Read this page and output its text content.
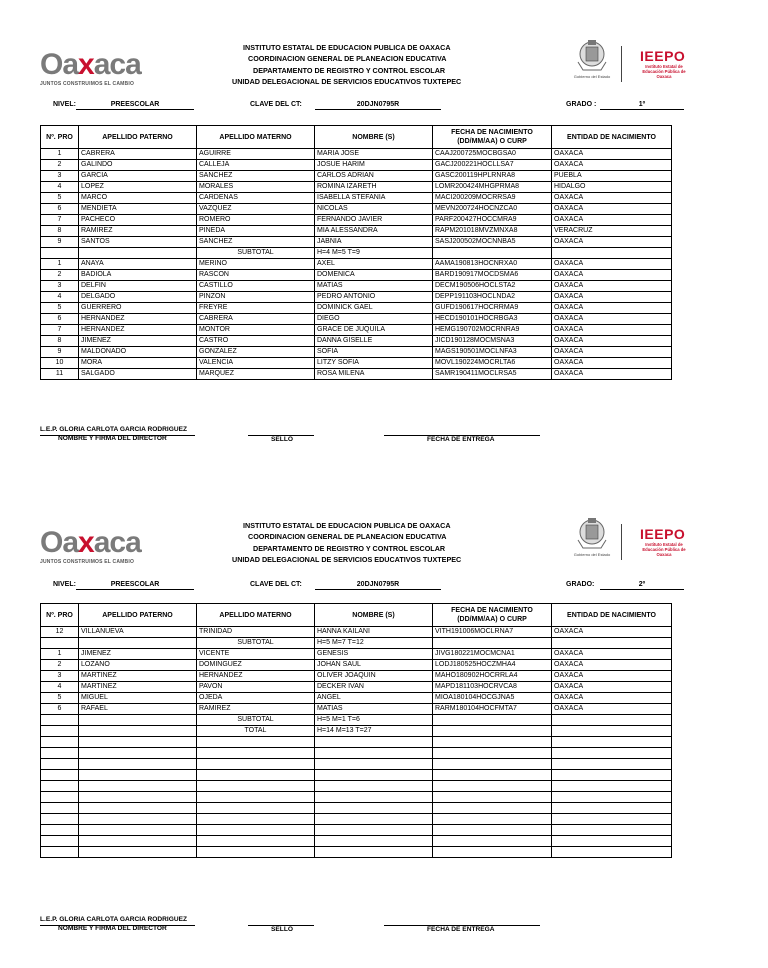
Oaxaca
JUNTOS CONSTRUIMOS EL CAMBIO
INSTITUTO ESTATAL DE EDUCACION PUBLICA DE OAXACA
COORDINACION GENERAL DE PLANEACION EDUCATIVA
DEPARTAMENTO DE REGISTRO Y CONTROL ESCOLAR
UNIDAD DELEGACIONAL DE SERVICIOS EDUCATIVOS TUXTEPEC
Gobierno del Estado
IEEPO
Instituto Estatal de Educación Pública de Oaxaca
NIVEL:	PREESCOLAR	CLAVE DEL CT:	20DJN0795R	GRADO :	1º
Nº. PRO	APELLIDO PATERNO	APELLIDO MATERNO	NOMBRE (S)	FECHA DE NACIMIENTO (DD/MM/AA) O CURP	ENTIDAD DE NACIMIENTO
1	CABRERA	AGUIRRE	MARIA JOSE	CAAJ200725MOCBGSA0	OAXACA
2	GALINDO	CALLEJA	JOSUE HARIM	GACJ200221HOCLLSA7	OAXACA
3	GARCIA	SANCHEZ	CARLOS ADRIAN	GASC200119HPLRNRA8	PUEBLA
4	LOPEZ	MORALES	ROMINA IZARETH	LOMR200424MHGPRMA8	HIDALGO
5	MARCO	CARDENAS	ISABELLA STEFANIA	MACI200209MOCRRSA9	OAXACA
6	MENDIETA	VAZQUEZ	NICOLAS	MEVN200724HOCNZCA0	OAXACA
7	PACHECO	ROMERO	FERNANDO JAVIER	PARF200427HOCCMRA9	OAXACA
8	RAMIREZ	PINEDA	MIA ALESSANDRA	RAPM201018MVZMNXA8	VERACRUZ
9	SANTOS	SANCHEZ	JABNIA	SASJ200502MOCNNBA5	OAXACA
		SUBTOTAL	H=4 M=5 T=9		
1	ANAYA	MERINO	AXEL	AAMA190813HOCNRXA0	OAXACA
2	BADIOLA	RASCON	DOMENICA	BARD190917MOCDSMA6	OAXACA
3	DELFIN	CASTILLO	MATIAS	DECM190506HOCLSTA2	OAXACA
4	DELGADO	PINZON	PEDRO ANTONIO	DEPP191103HOCLNDA2	OAXACA
5	GUERRERO	FREYRE	DOMINICK GAEL	GUFD190617HOCRRMA9	OAXACA
6	HERNANDEZ	CABRERA	DIEGO	HECD190101HOCRBGA3	OAXACA
7	HERNANDEZ	MONTOR	GRACE DE JUQUILA	HEMG190702MOCRNRA9	OAXACA
8	JIMENEZ	CASTRO	DANNA GISELLE	JICD190128MOCMSNA3	OAXACA
9	MALDONADO	GONZALEZ	SOFIA	MAGS190501MOCLNFA3	OAXACA
10	MORA	VALENCIA	LITZY SOFIA	MOVL190224MOCRLTA6	OAXACA
11	SALGADO	MARQUEZ	ROSA MILENA	SAMR190411MOCLRSA5	OAXACA
L.E.P. GLORIA CARLOTA GARCIA RODRIGUEZ
NOMBRE Y FIRMA DEL DIRECTOR	SELLO	FECHA DE ENTREGA
Oaxaca
JUNTOS CONSTRUIMOS EL CAMBIO
INSTITUTO ESTATAL DE EDUCACION PUBLICA DE OAXACA
COORDINACION GENERAL DE PLANEACION EDUCATIVA
DEPARTAMENTO DE REGISTRO Y CONTROL ESCOLAR
UNIDAD DELEGACIONAL DE SERVICIOS EDUCATIVOS TUXTEPEC
Gobierno del Estado
IEEPO
Instituto Estatal de Educación Pública de Oaxaca
NIVEL:	PREESCOLAR	CLAVE DEL CT:	20DJN0795R	GRADO:	2º
Nº. PRO	APELLIDO PATERNO	APELLIDO MATERNO	NOMBRE (S)	FECHA DE NACIMIENTO (DD/MM/AA) O CURP	ENTIDAD DE NACIMIENTO
12	VILLANUEVA	TRINIDAD	HANNA KAILANI	VITH191006MOCLRNA7	OAXACA
		SUBTOTAL	H=5 M=7 T=12		
1	JIMENEZ	VICENTE	GENESIS	JIVG180221MOCMCNA1	OAXACA
2	LOZANO	DOMINGUEZ	JOHAN SAUL	LODJ180525HOCZMHA4	OAXACA
3	MARTINEZ	HERNANDEZ	OLIVER JOAQUIN	MAHO180902HOCRRLA4	OAXACA
4	MARTINEZ	PAVON	DECKER IVAN	MAPD181103HOCRVCA8	OAXACA
5	MIGUEL	OJEDA	ANGEL	MIOA180104HOCGJNA5	OAXACA
6	RAFAEL	RAMIREZ	MATIAS	RARM180104HOCFMTA7	OAXACA
		SUBTOTAL	H=5 M=1 T=6		
		TOTAL	H=14 M=13 T=27		

L.E.P. GLORIA CARLOTA GARCIA RODRIGUEZ
NOMBRE Y FIRMA DEL DIRECTOR	SELLO	FECHA DE ENTREGA
